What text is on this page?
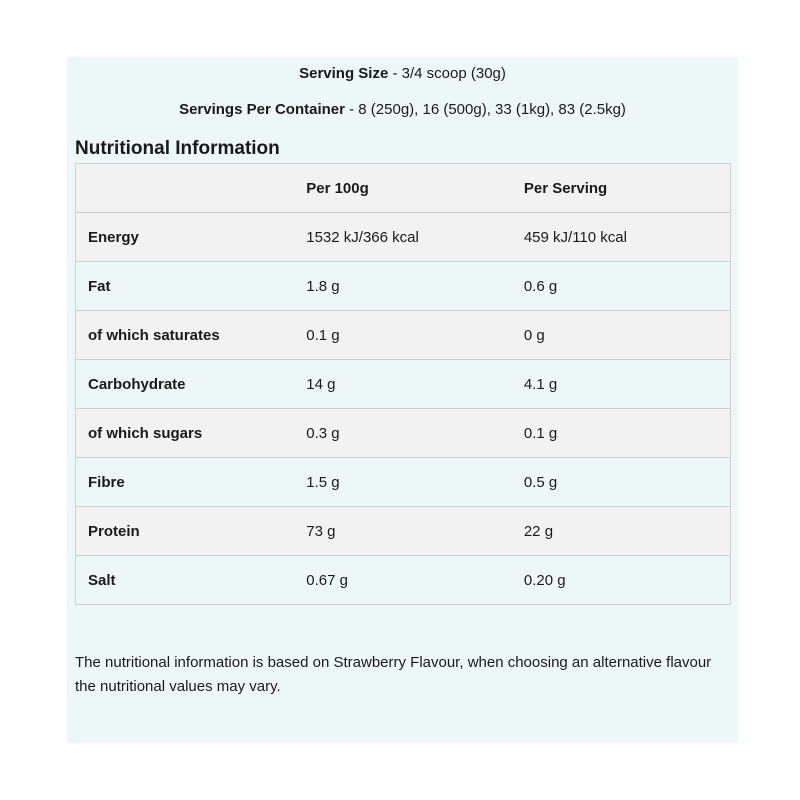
Serving Size - 3/4 scoop (30g)
Servings Per Container - 8 (250g), 16 (500g), 33 (1kg), 83 (2.5kg)
Nutritional Information
	Per 100g	Per Serving
Energy	1532 kJ/366 kcal	459 kJ/110 kcal
Fat	1.8 g	0.6 g
of which saturates	0.1 g	0 g
Carbohydrate	14 g	4.1 g
of which sugars	0.3 g	0.1 g
Fibre	1.5 g	0.5 g
Protein	73 g	22 g
Salt	0.67 g	0.20 g

The nutritional information is based on Strawberry Flavour, when choosing an alternative flavour the nutritional values may vary.
